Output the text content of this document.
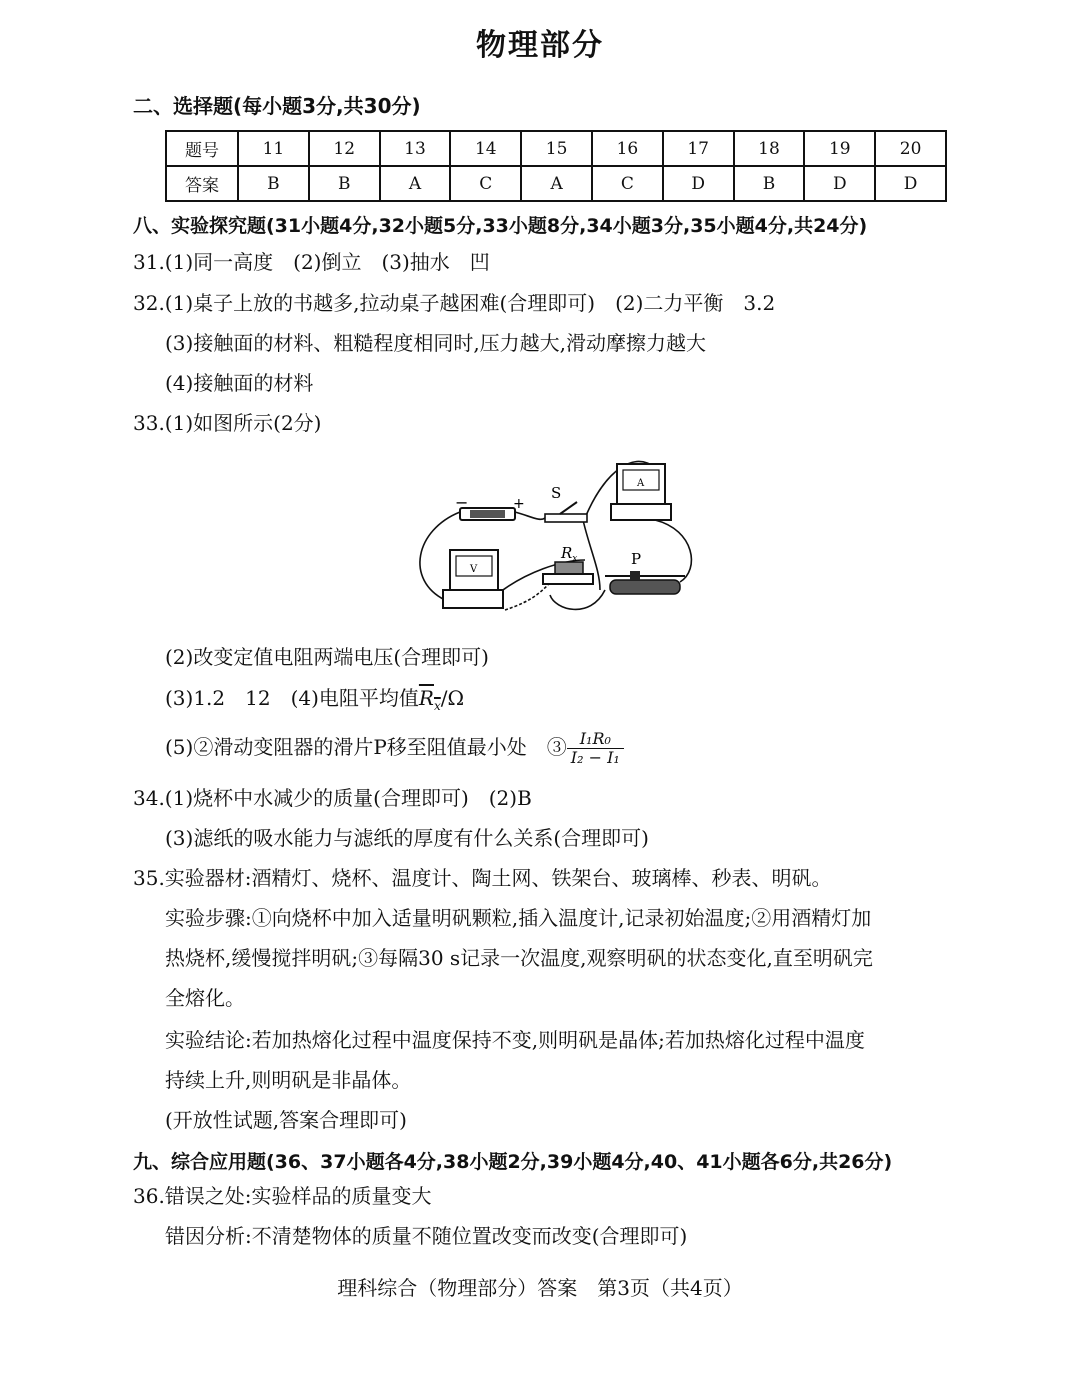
物理部分
二、选择题(每小题3分,共30分)
题号	11	12	13	14	15	16	17	18	19	20
答案	B	B	A	C	A	C	D	B	D	D
八、实验探究题(31小题4分,32小题5分,33小题8分,34小题3分,35小题4分,共24分)
31.(1)同一高度　(2)倒立　(3)抽水　凹
32.(1)桌子上放的书越多,拉动桌子越困难(合理即可)　(2)二力平衡　3.2
(3)接触面的材料、粗糙程度相同时,压力越大,滑动摩擦力越大
(4)接触面的材料
33.(1)如图所示(2分)
−	+
S
A
V
$R_x$	P
(2)改变定值电阻两端电压(合理即可)
(3)1.2　12　(4)电阻平均值$R_x/\Omega$
(5)②滑动变阻器的滑片P移至阻值最小处　③ $\frac{\text{I₁R₀}}{\text{I₂ − I₁}}$
34.(1)烧杯中水减少的质量(合理即可)　(2)B
(3)滤纸的吸水能力与滤纸的厚度有什么关系(合理即可)
35.实验器材:酒精灯、烧杯、温度计、陶土网、铁架台、玻璃棒、秒表、明矾。
实验步骤:①向烧杯中加入适量明矾颗粒,插入温度计,记录初始温度;②用酒精灯加
热烧杯,缓慢搅拌明矾;③每隔30 s记录一次温度,观察明矾的状态变化,直至明矾完
全熔化。
实验结论:若加热熔化过程中温度保持不变,则明矾是晶体;若加热熔化过程中温度
持续上升,则明矾是非晶体。
(开放性试题,答案合理即可)
九、综合应用题(36、37小题各4分,38小题2分,39小题4分,40、41小题各6分,共26分)
36.错误之处:实验样品的质量变大
错因分析:不清楚物体的质量不随位置改变而改变(合理即可)
理科综合（物理部分）答案　第3页（共4页）
